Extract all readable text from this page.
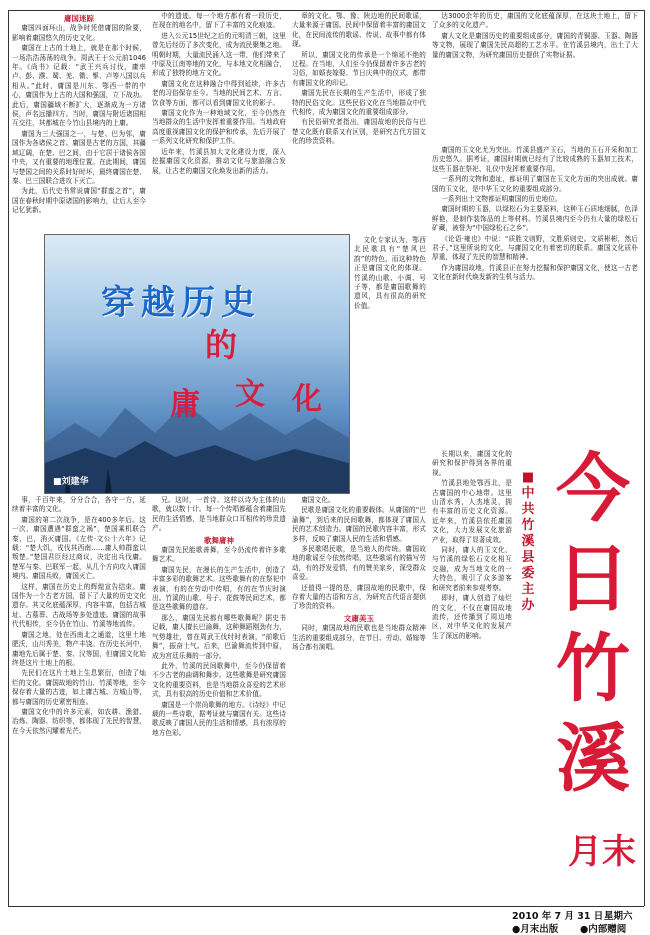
庸国迷踪

庸国四面环山，战争时凭借庸国的险要，影响着庸国悠久的历史文化。

庸国在上古的土地上，就是在那个时候，一场浩浩荡荡的战争。周武王于公元前1046年。《尚书》记载：“武王兴兵讨伐，庸率卢、彭、濮、蜀、羌、微、髳、卢等八国以兵相从。”此时，庸国是川东、鄂西一带的中心，庸国作为上古的大国和强国，立下战功。此后，庸国疆域不断扩大，逐渐成为一方诸侯，声名远播四方。当时，庸国与附近诸国相互交往，其都城在今竹山县境内的上庸。

庸国为三大强国之一，与楚、巴为邻，庸国作为各诸侯之首。庸国是古老的方国，其疆域辽阔，在楚、巴之间，由于它居于诸侯各国中央，又有重要的地理位置。在此期间，庸国与楚国之间的关系时好时坏，最终庸国在楚、秦、巴三国联合进攻下灭亡。

为此，后代史书常说庸国“群蛮之首”，庸国在春秋时期中原诸国的影响力，让后人至今记忆犹新。

中的遗迹。每一个地方都有着一段历史，在现在的地名中，留下了丰富的文化痕迹。

进入公元15世纪之后的元明清三朝，这里曾先后经历了多次变化，成为流民聚集之地。明朝时期，大量流民涌入这一带，他们带来了中原及江南等地的文化，与本地文化相融合，形成了独特的地方文化。

庸国文化在这种融合中得到延续，许多古老的习俗保存至今。当地的民间艺术、方言、饮食等方面，都可以看到庸国文化的影子。

庸国文化作为一种地域文化，至今仍然在当地群众的生活中发挥着重要作用。当地政府高度重视庸国文化的保护和传承，先后开展了一系列文化研究和保护工作。

近年来，竹溪县加大文化建设力度，深入挖掘庸国文化资源，推动文化与旅游融合发展，让古老的庸国文化焕发出新的活力。

章的文化。鄂、豫、陕边地的民间歌谣，大量来源于庸国。民间中保留着丰富的庸国文化，在民间流传的歌谣、传说、故事中都有体现。

所以，庸国文化的传承是一个绵延不绝的过程。在当地，人们至今仍保留着许多古老的习俗，如婚丧嫁娶、节日庆典中的仪式，都带有庸国文化的印记。

庸国先民在长期的生产生活中，形成了独特的民俗文化。这些民俗文化在当地群众中代代相传，成为庸国文化的重要组成部分。

有民俗研究者指出，庸国故地的民俗与巴楚文化既有联系又有区别，是研究古代方国文化的珍贵资料。

文化专家认为，鄂西北民歌具有“楚风巴韵”的特色，而这种特色正是庸国文化的体现。竹溪的山歌、小调、号子等，都是庸国歌舞的遗风，具有很高的研究价值。

达3000余年的历史，庸国的文化底蕴深厚，在这块土地上，留下了众多的文化遗产。

庸人文化是庸国历史的重要组成部分，庸国的青铜器、玉器、陶器等文物，展现了庸国先民高超的工艺水平。在竹溪县境内，出土了大量的庸国文物，为研究庸国历史提供了实物证据。

庸国的玉文化尤为突出。竹溪县盛产玉石，当地的玉石开采和加工历史悠久。据考证，庸国时期就已经有了比较成熟的玉器加工技术，这些玉器在祭祀、礼仪中发挥着重要作用。

一系列的文物和遗址，都证明了庸国在玉文化方面的突出成就。庸国的玉文化，是中华玉文化的重要组成部分。

一系列出土文物都证明庸国的历史地位。

庸国时期的玉器，以绿松石为主要原料，这种玉石质地细腻，色泽鲜艳，是制作装饰品的上等材料。竹溪县境内至今仍有大量的绿松石矿藏，被誉为“中国绿松石之乡”。

《论语·雍也》中说：“质胜文则野，文胜质则史。文质彬彬，然后君子。”这里所说的文化，与庸国文化有着密切的联系。庸国文化质朴厚重，体现了先民的智慧和精神。

作为庸国故地，竹溪县正在努力挖掘和保护庸国文化，使这一古老文化在新时代焕发新的生机与活力。

穿越历史
的
庸 文 化
■刘建华

事，千百年来，分分合合，各守一方，延续着丰富的文化。

庸国的第二次战争，是在400多年后。这一次，庸国遭遇“群蛮之祸”，楚国乘机联合秦、巴，消灭庸国。《左传·文公十六年》记载：“楚大饥，戎伐其西南……庸人帅群蛮以叛楚。”楚国君臣经过商议，决定出兵伐庸。楚军与秦、巴联军一起，从几个方向攻入庸国境内。庸国兵败，庸国灭亡。

这样，庸国在历史上的辉煌宣告结束。庸国作为一个古老方国，留下了大量的历史文化遗存。其文化底蕴深厚，内容丰富，包括古城址、古墓葬、古战场等多处遗迹。庸国的故事代代相传，至今仍在竹山、竹溪等地流传。

庸国之地，处在西南北之通道，这里土地肥沃，山川秀美，物产丰饶。在历史长河中，庸地先后属于楚、秦、汉等国，但庸国文化始终是这片土地上的根。

先民们在这片土地上生息繁衍，创造了灿烂的文化。庸国故地的竹山、竹溪等地，至今保存着大量的古迹，如上庸古城、方城山等，都与庸国的历史紧密相连。

庸国文化中的许多元素，如农耕、渔猎、冶炼、陶器、纺织等，都体现了先民的智慧，在今天依然闪耀着光芒。

兄。这时，一首诗、这样以诗为主体的山歌，就以数十计。每一个传唱都蕴含着庸国先民的生活情感，是当地群众口耳相传的珍贵遗产。

歌舞庸神

庸国先民能歌善舞，至今仍流传着许多歌舞艺术。

庸国先民，在漫长的生产生活中，创造了丰富多彩的歌舞艺术。这些歌舞有的在祭祀中表演，有的在劳动中传唱，有的在节庆时演出。竹溪的山歌、号子、花鼓等民间艺术，都是这些歌舞的遗存。

那么，庸国先民都有哪些歌舞呢？据史书记载，庸人擅长巴渝舞，这种舞蹈刚劲有力，气势雄壮，曾在周武王伐纣时表演，“前歌后舞”，振奋士气。后来，巴渝舞流传到中原，成为宫廷乐舞的一部分。

此外，竹溪的民间歌舞中，至今仍保留着不少古老的曲调和舞步。这些歌舞是研究庸国文化的重要资料，也是当地群众喜爱的艺术形式，具有很高的历史价值和艺术价值。

庸国是一个崇尚歌舞的地方。《诗经》中记载的一些诗歌，据考证就与庸国有关。这些诗歌反映了庸国人民的生活和情感，具有浓厚的地方色彩。

庸国文化。

民歌是庸国文化的重要载体。从庸国的“巴渝舞”，到后来的民间歌舞，都体现了庸国人民的艺术创造力。庸国的民歌内容丰富，形式多样，反映了庸国人民的生活和情感。

多民歌唱民歌，是当地人的传统。庸国故地的歌谣至今依然传唱，这些歌谣有的描写劳动，有的抒发爱情，有的赞美家乡，深受群众喜爱。

还值得一提的是，庸国故地的民歌中，保存着大量的古语和方言，为研究古代语言提供了珍贵的资料。

文庸美玉

同时，庸国故地的民歌也是当地群众精神生活的重要组成部分，在节日、劳动、婚嫁等场合都有演唱。

长期以来，庸国文化的研究和保护得到各界的重视。

竹溪县地处鄂西北，是古庸国的中心地带。这里山清水秀，人杰地灵，拥有丰富的历史文化资源。近年来，竹溪县依托庸国文化，大力发展文化旅游产业，取得了显著成效。

同时，庸人的玉文化，与竹溪的绿松石文化相互交融，成为当地文化的一大特色，吸引了众多游客和研究者前来参观考察。

即时，庸人创造了灿烂的文化，不仅在庸国故地流传，还传播到了周边地区，对中华文化的发展产生了深远的影响。

■
中
共
竹
溪
县
委
主
办
今
日
竹
溪
月末
2010 年 7 月 31 日 星期六
●月末出版 ●内部赠阅
